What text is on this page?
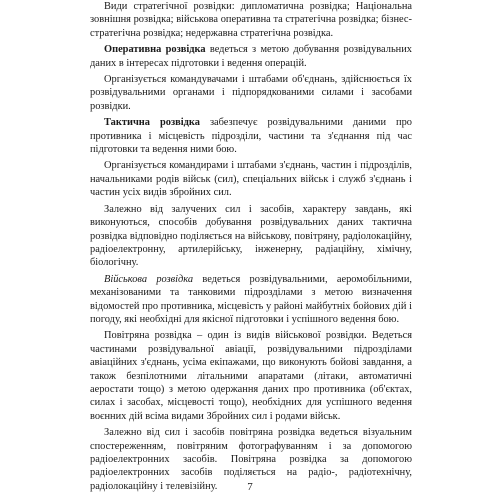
Види стратегічної розвідки: дипломатична розвідка; Національна зовнішня розвідка; військова оперативна та стратегічна розвідка; бізнес-стратегічна розвідка; недержавна стратегічна розвідка.

Оперативна розвідка ведеться з метою добування розвідувальних даних в інтересах підготовки і ведення операцій.

Організується командувачами і штабами об'єднань, здійснюється їх розвідувальними органами і підпорядкованими силами і засобами розвідки.

Тактична розвідка забезпечує розвідувальними даними про противника і місцевість підрозділи, частини та з'єднання під час підготовки та ведення ними бою.

Організується командирами і штабами з'єднань, частин і підрозділів, начальниками родів військ (сил), спеціальних військ і служб з'єднань і частин усіх видів збройних сил.

Залежно від залучених сил і засобів, характеру завдань, які виконуються, способів добування розвідувальних даних тактична розвідка відповідно поділяється на військову, повітряну, радіолокаційну, радіоелектронну, артилерійську, інженерну, радіаційну, хімічну, біологічну.

Військова розвідка ведеться розвідувальними, аеромобільними, механізованими та танковими підрозділами з метою визначення відомостей про противника, місцевість у районі майбутніх бойових дій і погоду, які необхідні для якісної підготовки і успішного ведення бою.

Повітряна розвідка – один із видів військової розвідки. Ведеться частинами розвідувальної авіації, розвідувальними підрозділами авіаційних з'єднань, усіма екіпажами, що виконують бойові завдання, а також безпілотними літальними апаратами (літаки, автоматичні аеростати тощо) з метою одержання даних про противника (об'єктах, силах і засобах, місцевості тощо), необхідних для успішного ведення воєнних дій всіма видами Збройних сил і родами військ.

Залежно від сил і засобів повітряна розвідка ведеться візуальним спостереженням, повітряним фотографуванням і за допомогою радіоелектронних засобів. Повітряна розвідка за допомогою радіоелектронних засобів поділяється на радіо-, радіотехнічну, радіолокаційну і телевізійну.	7
